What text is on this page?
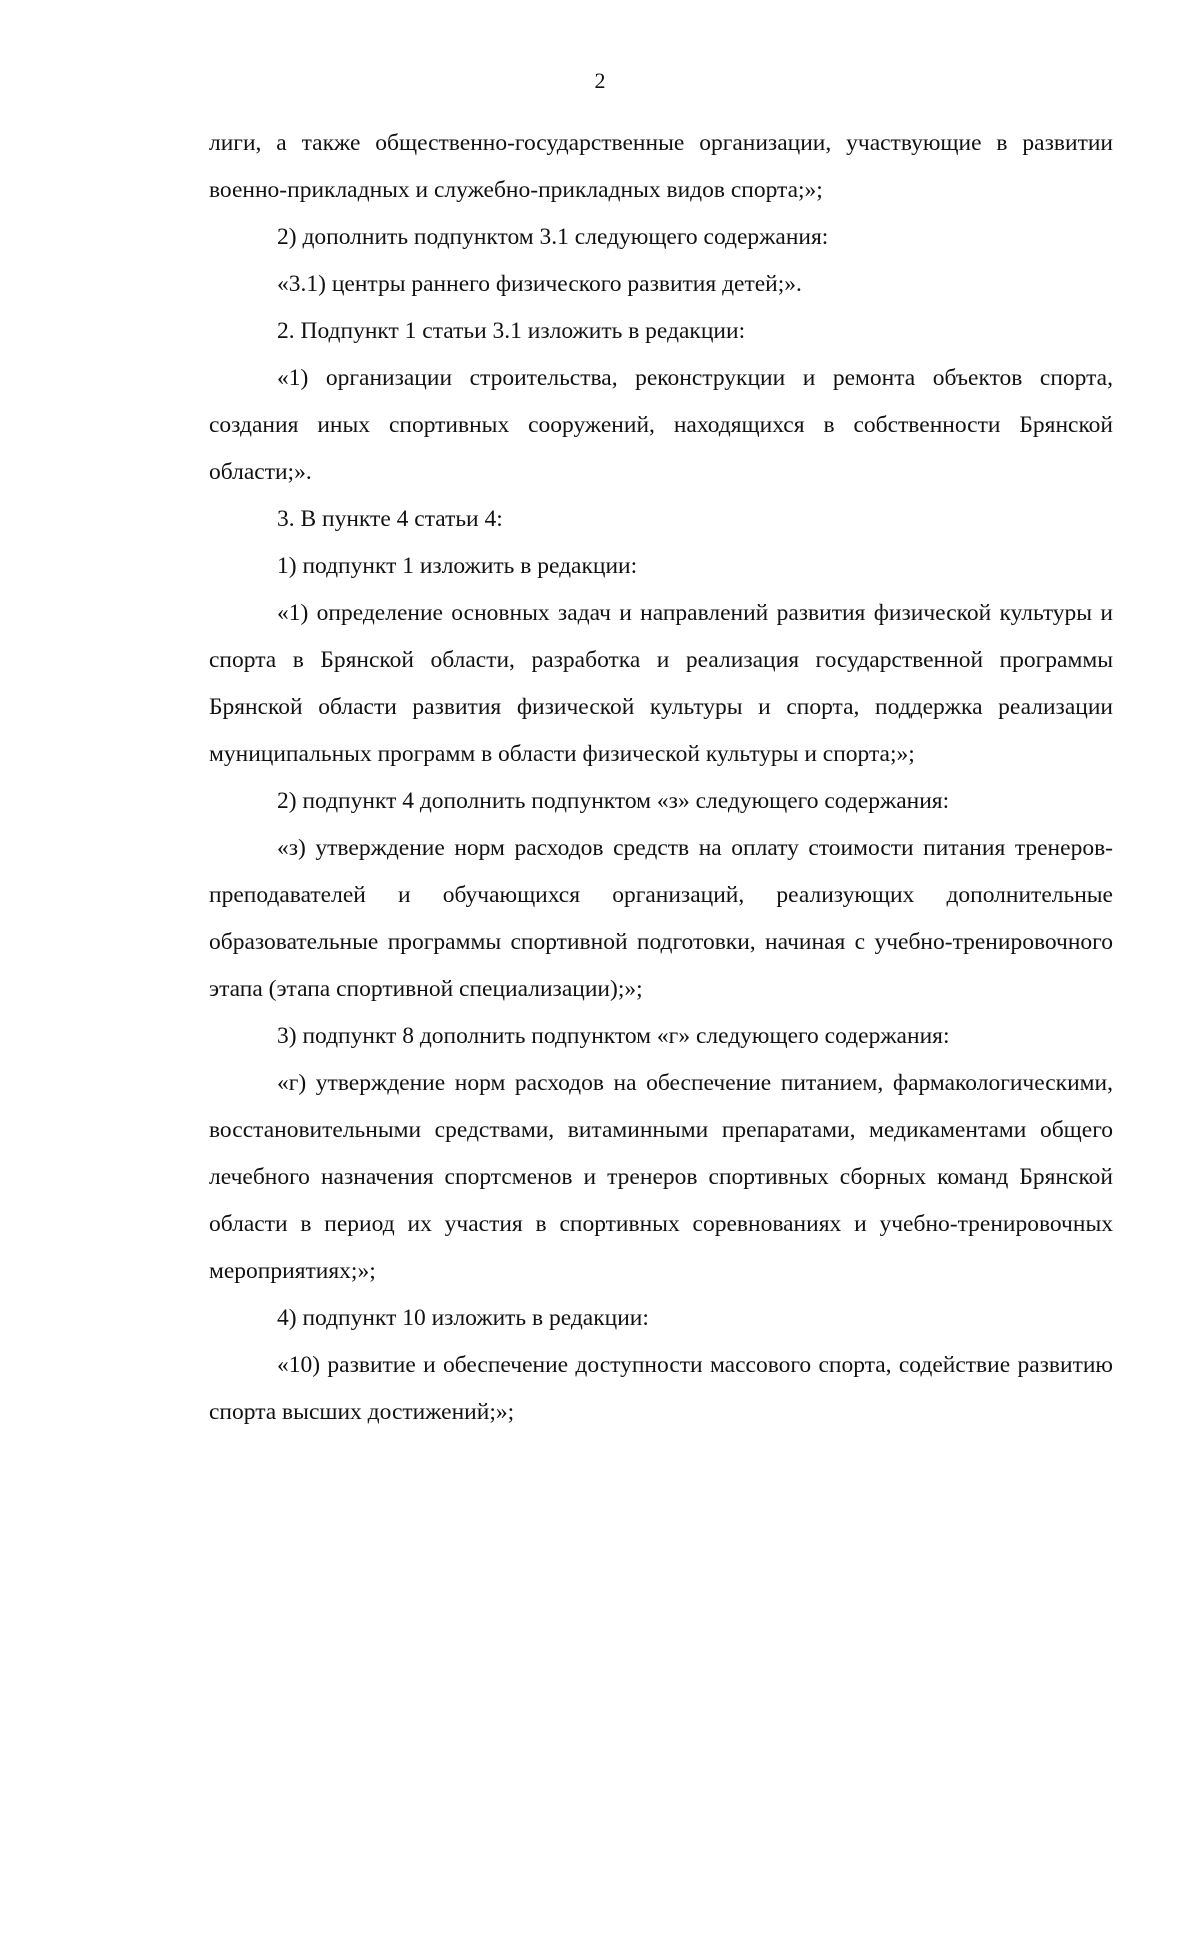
2

лиги, а также общественно-государственные организации, участвующие в развитии военно-прикладных и служебно-прикладных видов спорта;»;

2) дополнить подпунктом 3.1 следующего содержания:

«3.1) центры раннего физического развития детей;».

2. Подпункт 1 статьи 3.1 изложить в редакции:

«1) организации строительства, реконструкции и ремонта объектов спорта, создания иных спортивных сооружений, находящихся в собственности Брянской области;».

3. В пункте 4 статьи 4:

1) подпункт 1 изложить в редакции:

«1) определение основных задач и направлений развития физической культуры и спорта в Брянской области, разработка и реализация государственной программы Брянской области развития физической культуры и спорта, поддержка реализации муниципальных программ в области физической культуры и спорта;»;

2) подпункт 4 дополнить подпунктом «з» следующего содержания:

«з) утверждение норм расходов средств на оплату стоимости питания тренеров-преподавателей и обучающихся организаций, реализующих дополнительные образовательные программы спортивной подготовки, начиная с учебно-тренировочного этапа (этапа спортивной специализации);»;

3) подпункт 8 дополнить подпунктом «г» следующего содержания:

«г) утверждение норм расходов на обеспечение питанием, фармакологическими, восстановительными средствами, витаминными препаратами, медикаментами общего лечебного назначения спортсменов и тренеров спортивных сборных команд Брянской области в период их участия в спортивных соревнованиях и учебно-тренировочных мероприятиях;»;

4) подпункт 10 изложить в редакции:

«10) развитие и обеспечение доступности массового спорта, содействие развитию спорта высших достижений;»;
